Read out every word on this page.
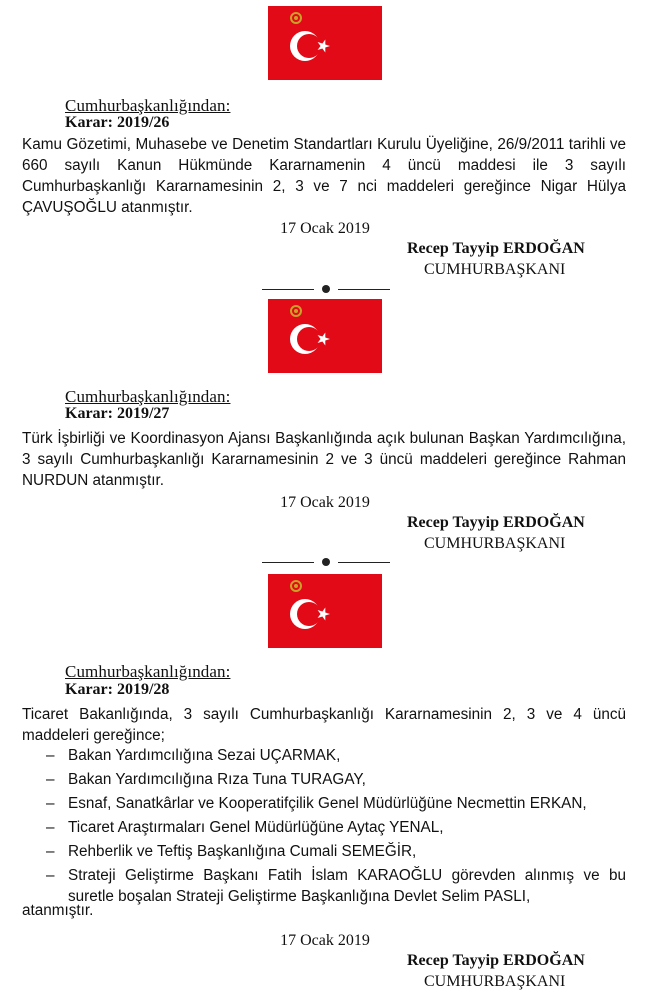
Cumhurbaşkanlığından:
Karar: 2019/26
Kamu Gözetimi, Muhasebe ve Denetim Standartları Kurulu Üyeliğine, 26/9/2011 tarihli ve 660 sayılı Kanun Hükmünde Kararnamenin 4 üncü maddesi ile 3 sayılı Cumhurbaşkanlığı Kararnamesinin 2, 3 ve 7 nci maddeleri gereğince Nigar Hülya ÇAVUŞOĞLU atanmıştır.
17 Ocak 2019
Recep Tayyip ERDOĞAN
CUMHURBAŞKANI
Cumhurbaşkanlığından:
Karar: 2019/27
Türk İşbirliği ve Koordinasyon Ajansı Başkanlığında açık bulunan Başkan Yardımcılığına, 3 sayılı Cumhurbaşkanlığı Kararnamesinin 2 ve 3 üncü maddeleri gereğince Rahman NURDUN atanmıştır.
17 Ocak 2019
Recep Tayyip ERDOĞAN
CUMHURBAŞKANI
Cumhurbaşkanlığından:
Karar: 2019/28
Ticaret Bakanlığında, 3 sayılı Cumhurbaşkanlığı Kararnamesinin 2, 3 ve 4 üncü maddeleri gereğince;
– Bakan Yardımcılığına Sezai UÇARMAK,
– Bakan Yardımcılığına Rıza Tuna TURAGAY,
– Esnaf, Sanatkârlar ve Kooperatifçilik Genel Müdürlüğüne Necmettin ERKAN,
– Ticaret Araştırmaları Genel Müdürlüğüne Aytaç YENAL,
– Rehberlik ve Teftiş Başkanlığına Cumali SEMEĞİR,
– Strateji Geliştirme Başkanı Fatih İslam KARAOĞLU görevden alınmış ve bu suretle boşalan Strateji Geliştirme Başkanlığına Devlet Selim PASLI,
atanmıştır.
17 Ocak 2019
Recep Tayyip ERDOĞAN
CUMHURBAŞKANI
